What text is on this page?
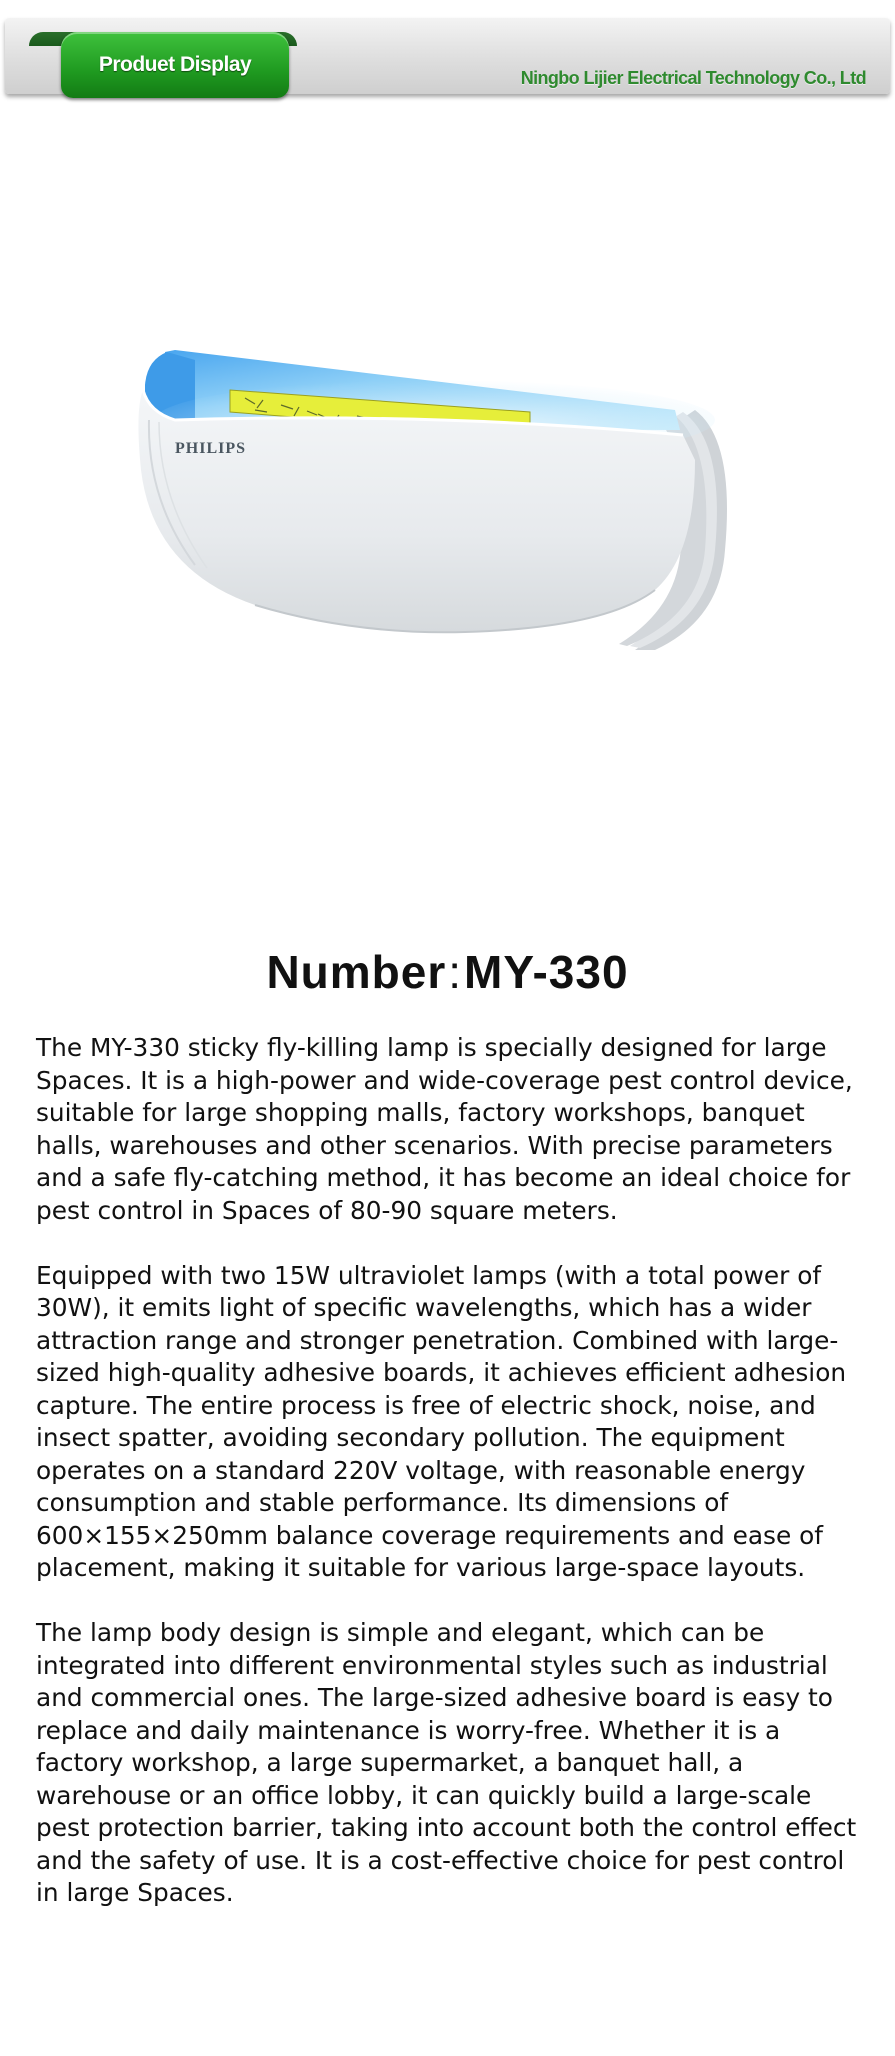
Produet Display
Ningbo Lijier Electrical Technology Co., Ltd
PHILIPS
Number:MY-330

The MY-330 sticky fly-killing lamp is specially designed for large Spaces. It is a high-power and wide-coverage pest control device, suitable for large shopping malls, factory workshops, banquet halls, warehouses and other scenarios. With precise parameters and a safe fly-catching method, it has become an ideal choice for pest control in Spaces of 80-90 square meters.

Equipped with two 15W ultraviolet lamps (with a total power of 30W), it emits light of specific wavelengths, which has a wider attraction range and stronger penetration. Combined with large-sized high-quality adhesive boards, it achieves efficient adhesion capture. The entire process is free of electric shock, noise, and insect spatter, avoiding secondary pollution. The equipment operates on a standard 220V voltage, with reasonable energy consumption and stable performance. Its dimensions of 600×155×250mm balance coverage requirements and ease of placement, making it suitable for various large-space layouts.

The lamp body design is simple and elegant, which can be integrated into different environmental styles such as industrial and commercial ones. The large-sized adhesive board is easy to replace and daily maintenance is worry-free. Whether it is a factory workshop, a large supermarket, a banquet hall, a warehouse or an office lobby, it can quickly build a large-scale pest protection barrier, taking into account both the control effect and the safety of use. It is a cost-effective choice for pest control in large Spaces.
